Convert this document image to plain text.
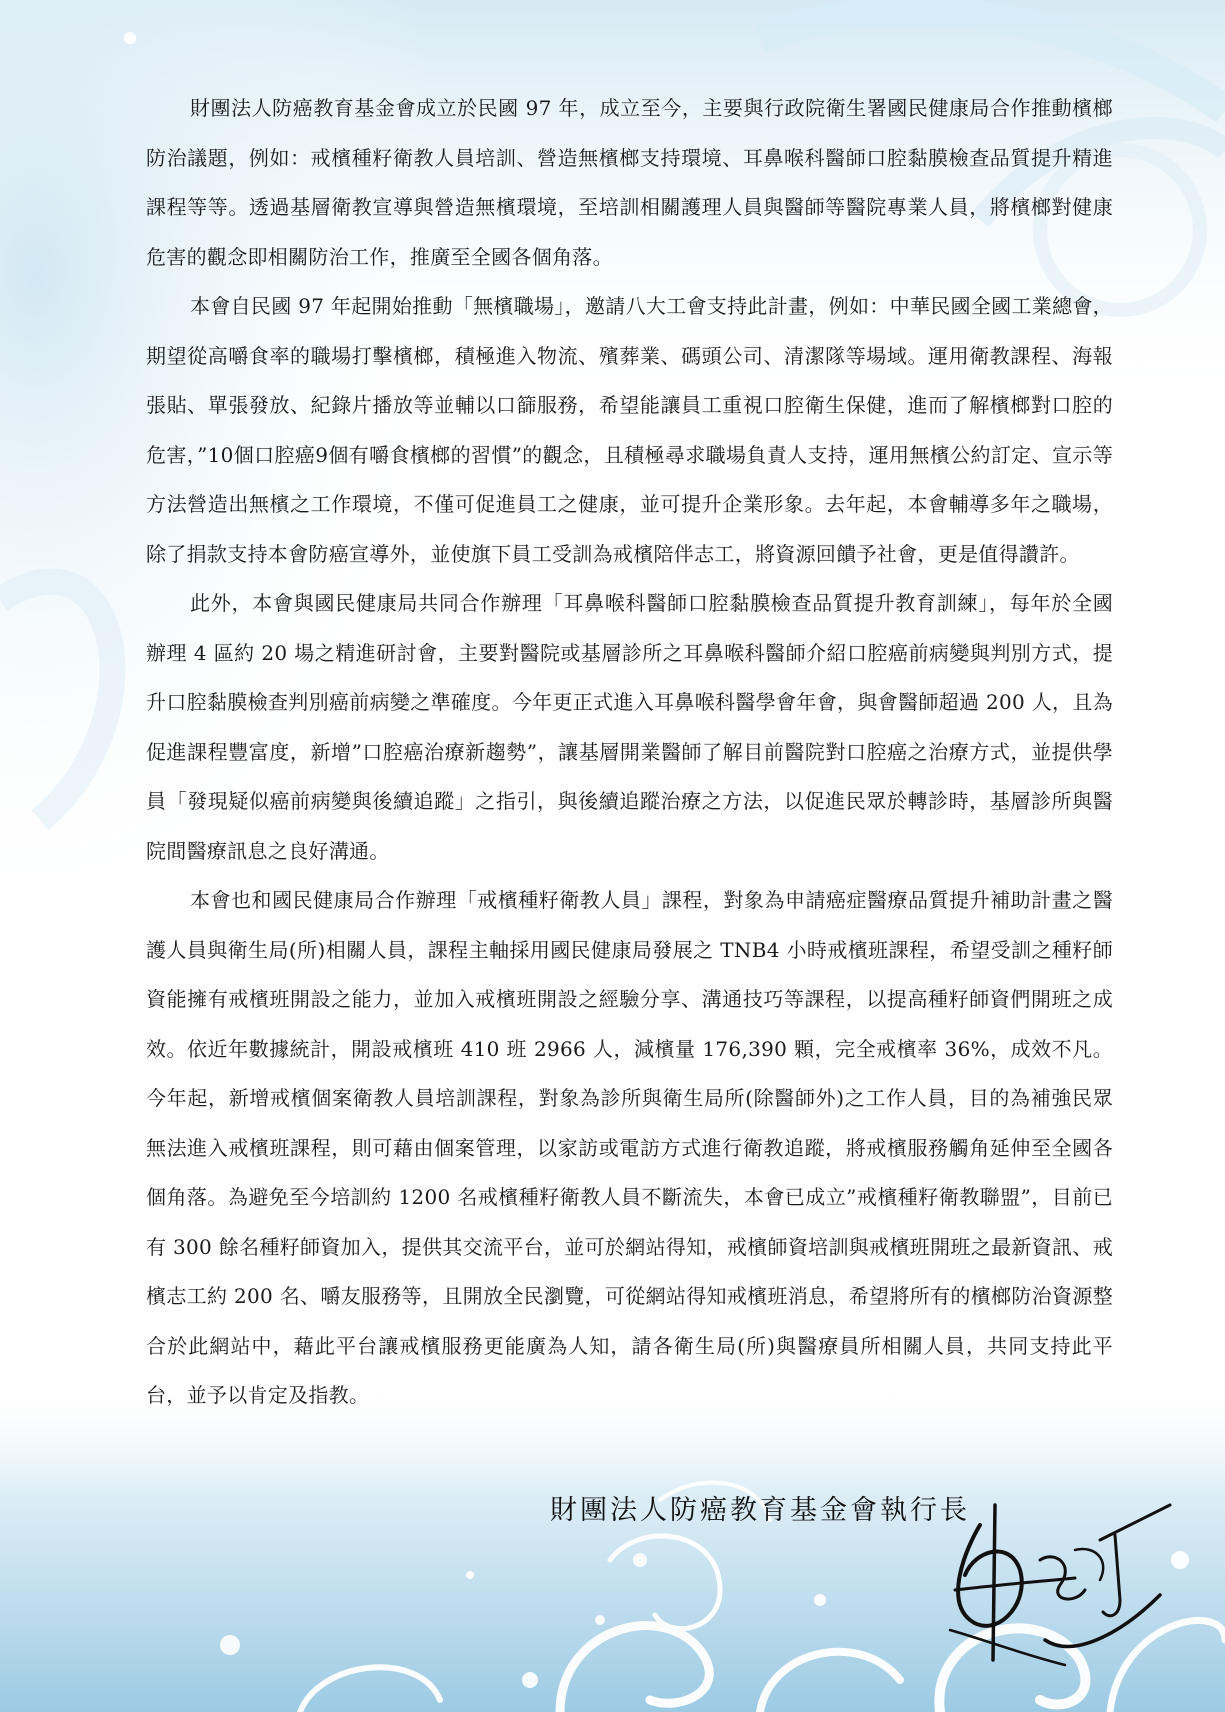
財團法人防癌教育基金會成立於民國 97 年，成立至今，主要與行政院衛生署國民健康局合作推動檳榔防治議題，例如：戒檳種籽衛教人員培訓、營造無檳榔支持環境、耳鼻喉科醫師口腔黏膜檢查品質提升精進課程等等。透過基層衛教宣導與營造無檳環境，至培訓相關護理人員與醫師等醫院專業人員，將檳榔對健康危害的觀念即相關防治工作，推廣至全國各個角落。

本會自民國 97 年起開始推動「無檳職場」，邀請八大工會支持此計畫，例如：中華民國全國工業總會，期望從高嚼食率的職場打擊檳榔，積極進入物流、殯葬業、碼頭公司、清潔隊等場域。運用衛教課程、海報張貼、單張發放、紀錄片播放等並輔以口篩服務，希望能讓員工重視口腔衛生保健，進而了解檳榔對口腔的危害，”10個口腔癌9個有嚼食檳榔的習慣”的觀念，且積極尋求職場負責人支持，運用無檳公約訂定、宣示等方法營造出無檳之工作環境，不僅可促進員工之健康，並可提升企業形象。去年起，本會輔導多年之職場，除了捐款支持本會防癌宣導外，並使旗下員工受訓為戒檳陪伴志工，將資源回饋予社會，更是值得讚許。

此外，本會與國民健康局共同合作辦理「耳鼻喉科醫師口腔黏膜檢查品質提升教育訓練」，每年於全國辦理 4 區約 20 場之精進研討會，主要對醫院或基層診所之耳鼻喉科醫師介紹口腔癌前病變與判別方式，提升口腔黏膜檢查判別癌前病變之準確度。今年更正式進入耳鼻喉科醫學會年會，與會醫師超過 200 人，且為促進課程豐富度，新增”口腔癌治療新趨勢”，讓基層開業醫師了解目前醫院對口腔癌之治療方式，並提供學員「發現疑似癌前病變與後續追蹤」之指引，與後續追蹤治療之方法，以促進民眾於轉診時，基層診所與醫院間醫療訊息之良好溝通。

本會也和國民健康局合作辦理「戒檳種籽衛教人員」課程，對象為申請癌症醫療品質提升補助計畫之醫護人員與衛生局(所)相關人員，課程主軸採用國民健康局發展之 TNB4 小時戒檳班課程，希望受訓之種籽師資能擁有戒檳班開設之能力，並加入戒檳班開設之經驗分享、溝通技巧等課程，以提高種籽師資們開班之成效。依近年數據統計，開設戒檳班 410 班 2966 人，減檳量 176,390 顆，完全戒檳率 36%，成效不凡。今年起，新增戒檳個案衛教人員培訓課程，對象為診所與衛生局所(除醫師外)之工作人員，目的為補強民眾無法進入戒檳班課程，則可藉由個案管理，以家訪或電訪方式進行衛教追蹤，將戒檳服務觸角延伸至全國各個角落。為避免至今培訓約 1200 名戒檳種籽衛教人員不斷流失，本會已成立”戒檳種籽衛教聯盟”，目前已有 300 餘名種籽師資加入，提供其交流平台，並可於網站得知，戒檳師資培訓與戒檳班開班之最新資訊、戒檳志工約 200 名、嚼友服務等，且開放全民瀏覽，可從網站得知戒檳班消息，希望將所有的檳榔防治資源整合於此網站中，藉此平台讓戒檳服務更能廣為人知，請各衛生局(所)與醫療員所相關人員，共同支持此平台，並予以肯定及指教。

財團法人防癌教育基金會執行長
